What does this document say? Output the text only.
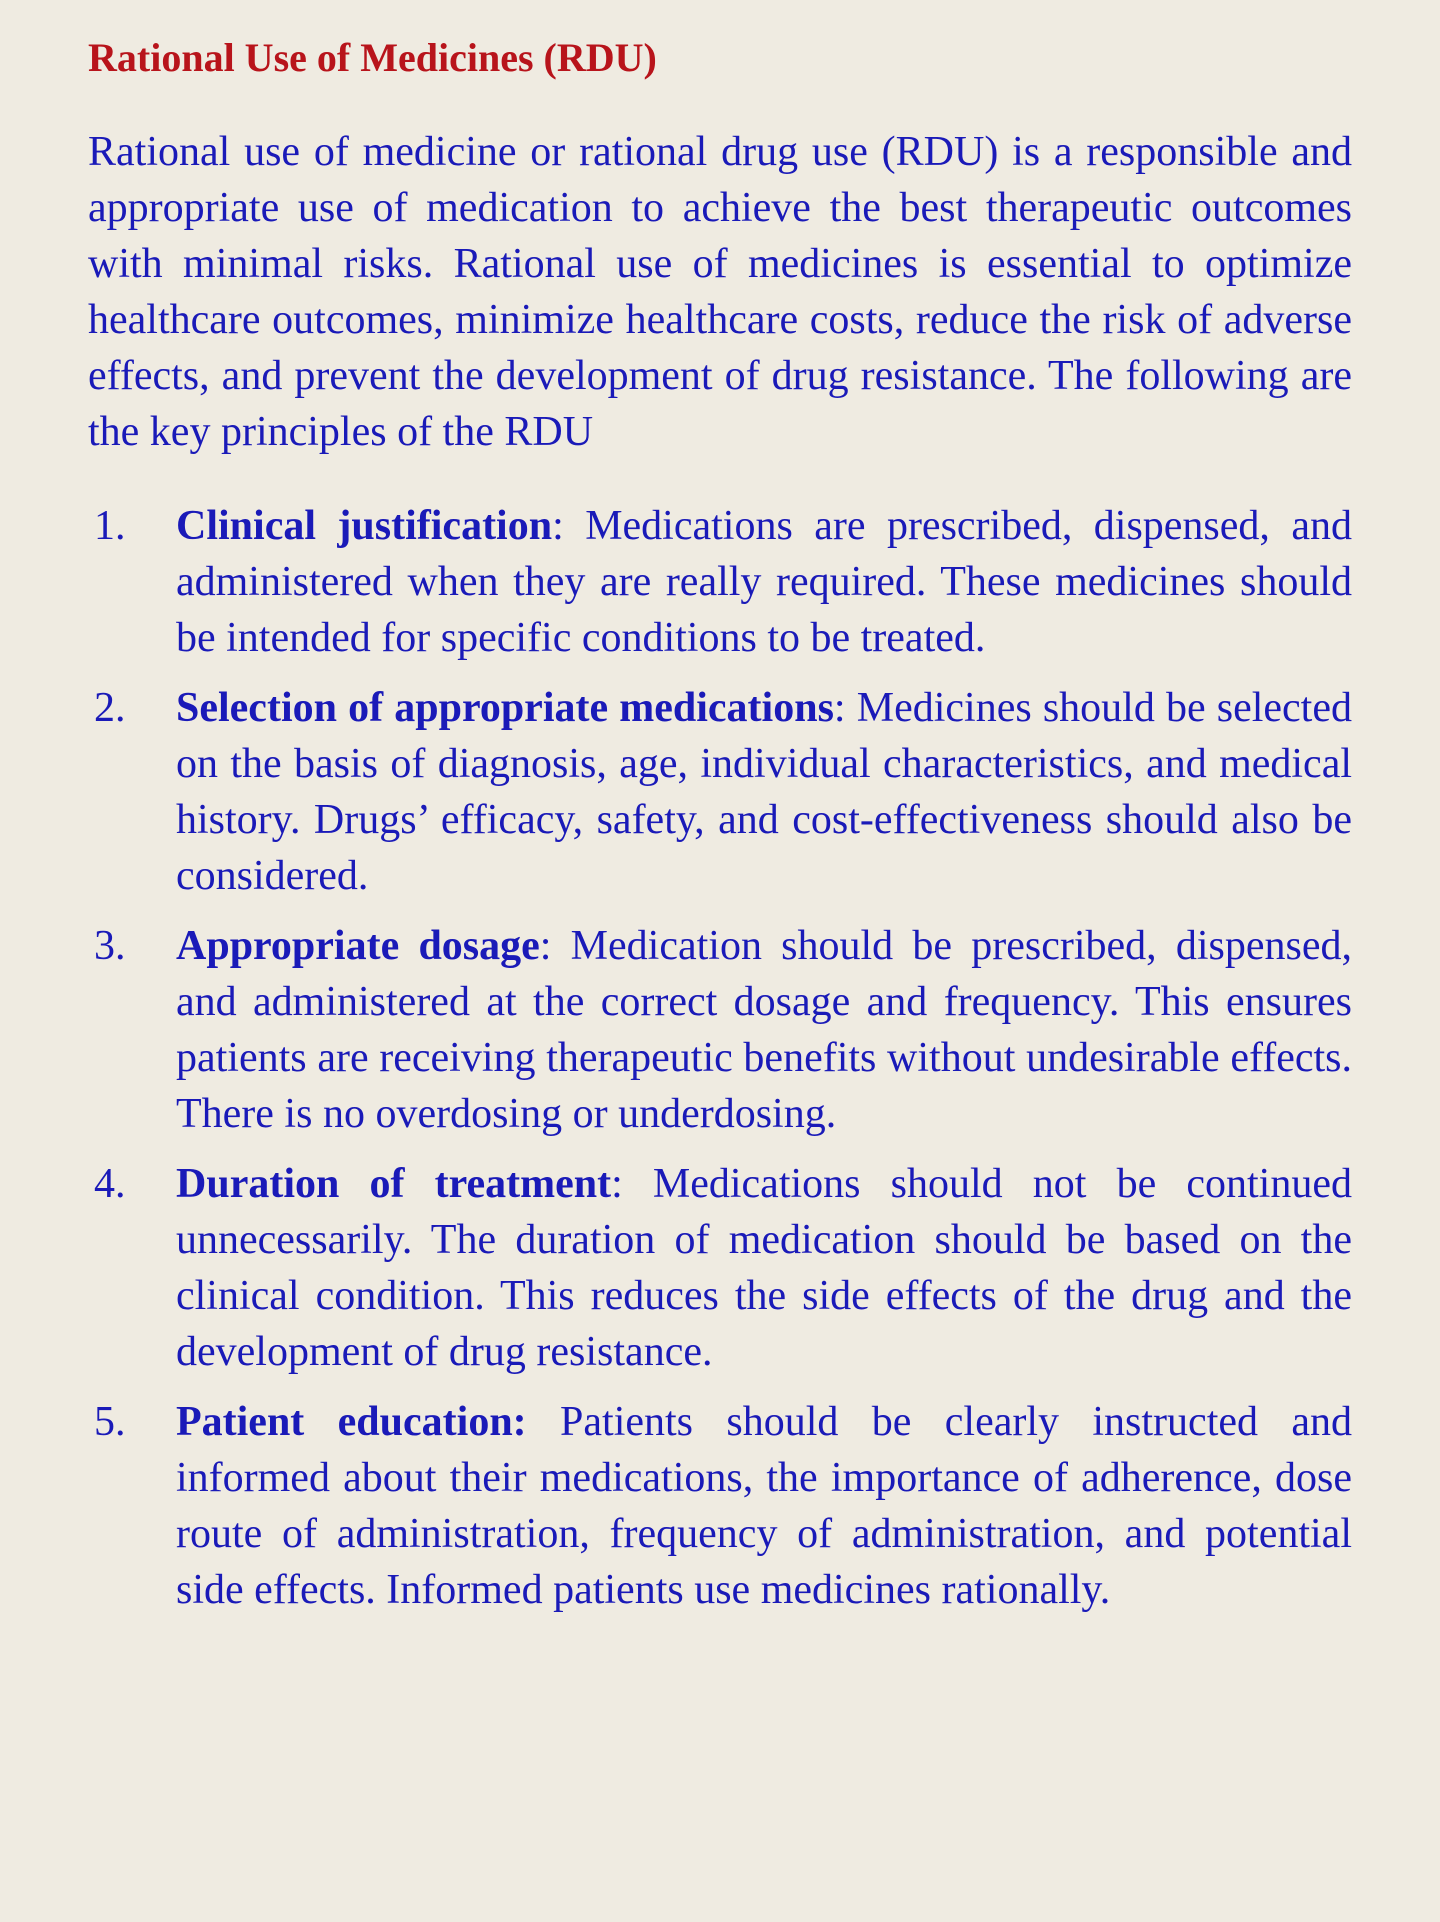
Rational Use of Medicines (RDU)

Rational use of medicine or rational drug use (RDU) is a responsible and appropriate use of medication to achieve the best therapeutic outcomes with minimal risks. Rational use of medicines is essential to optimize healthcare outcomes, minimize healthcare costs, reduce the risk of adverse effects, and prevent the development of drug resistance. The following are the key principles of the RDU

1.	Clinical justification: Medications are prescribed, dispensed, and administered when they are really required. These medicines should be intended for specific conditions to be treated.
2.	Selection of appropriate medications: Medicines should be selected on the basis of diagnosis, age, individual characteristics, and medical history. Drugs’ efficacy, safety, and cost-effectiveness should also be considered.
3.	Appropriate dosage: Medication should be prescribed, dispensed, and administered at the correct dosage and frequency. This ensures patients are receiving therapeutic benefits without undesirable effects. There is no overdosing or underdosing.
4.	Duration of treatment: Medications should not be continued unnecessarily. The duration of medication should be based on the clinical condition. This reduces the side effects of the drug and the development of drug resistance.
5.	Patient education: Patients should be clearly instructed and informed about their medications, the importance of adherence, dose route of administration, frequency of administration, and potential side effects. Informed patients use medicines rationally.
